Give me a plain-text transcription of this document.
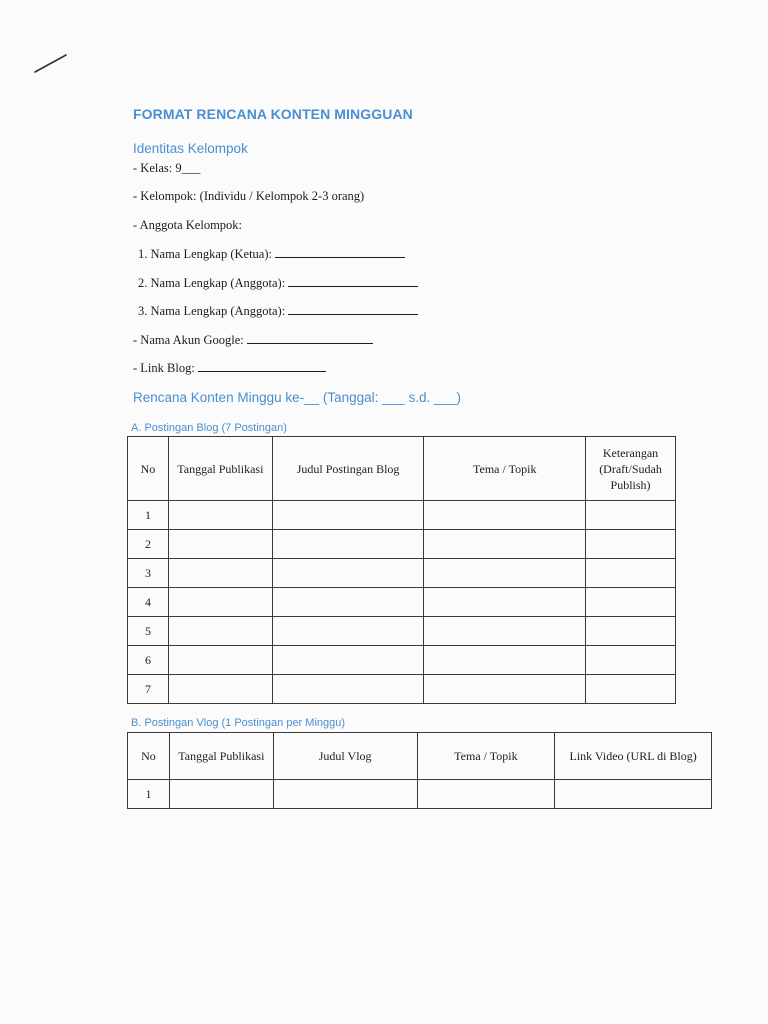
FORMAT RENCANA KONTEN MINGGUAN
Identitas Kelompok
- Kelas: 9___
- Kelompok: (Individu / Kelompok 2-3 orang)
- Anggota Kelompok:
1. Nama Lengkap (Ketua):
2. Nama Lengkap (Anggota):
3. Nama Lengkap (Anggota):
- Nama Akun Google:
- Link Blog:
Rencana Konten Minggu ke-__ (Tanggal: ___ s.d. ___)
A. Postingan Blog (7 Postingan)
No	Tanggal Publikasi	Judul Postingan Blog	Tema / Topik	Keterangan (Draft/Sudah Publish)
1				
2				
3				
4				
5				
6				
7				
B. Postingan Vlog (1 Postingan per Minggu)
No	Tanggal Publikasi	Judul Vlog	Tema / Topik	Link Video (URL di Blog)
1				
